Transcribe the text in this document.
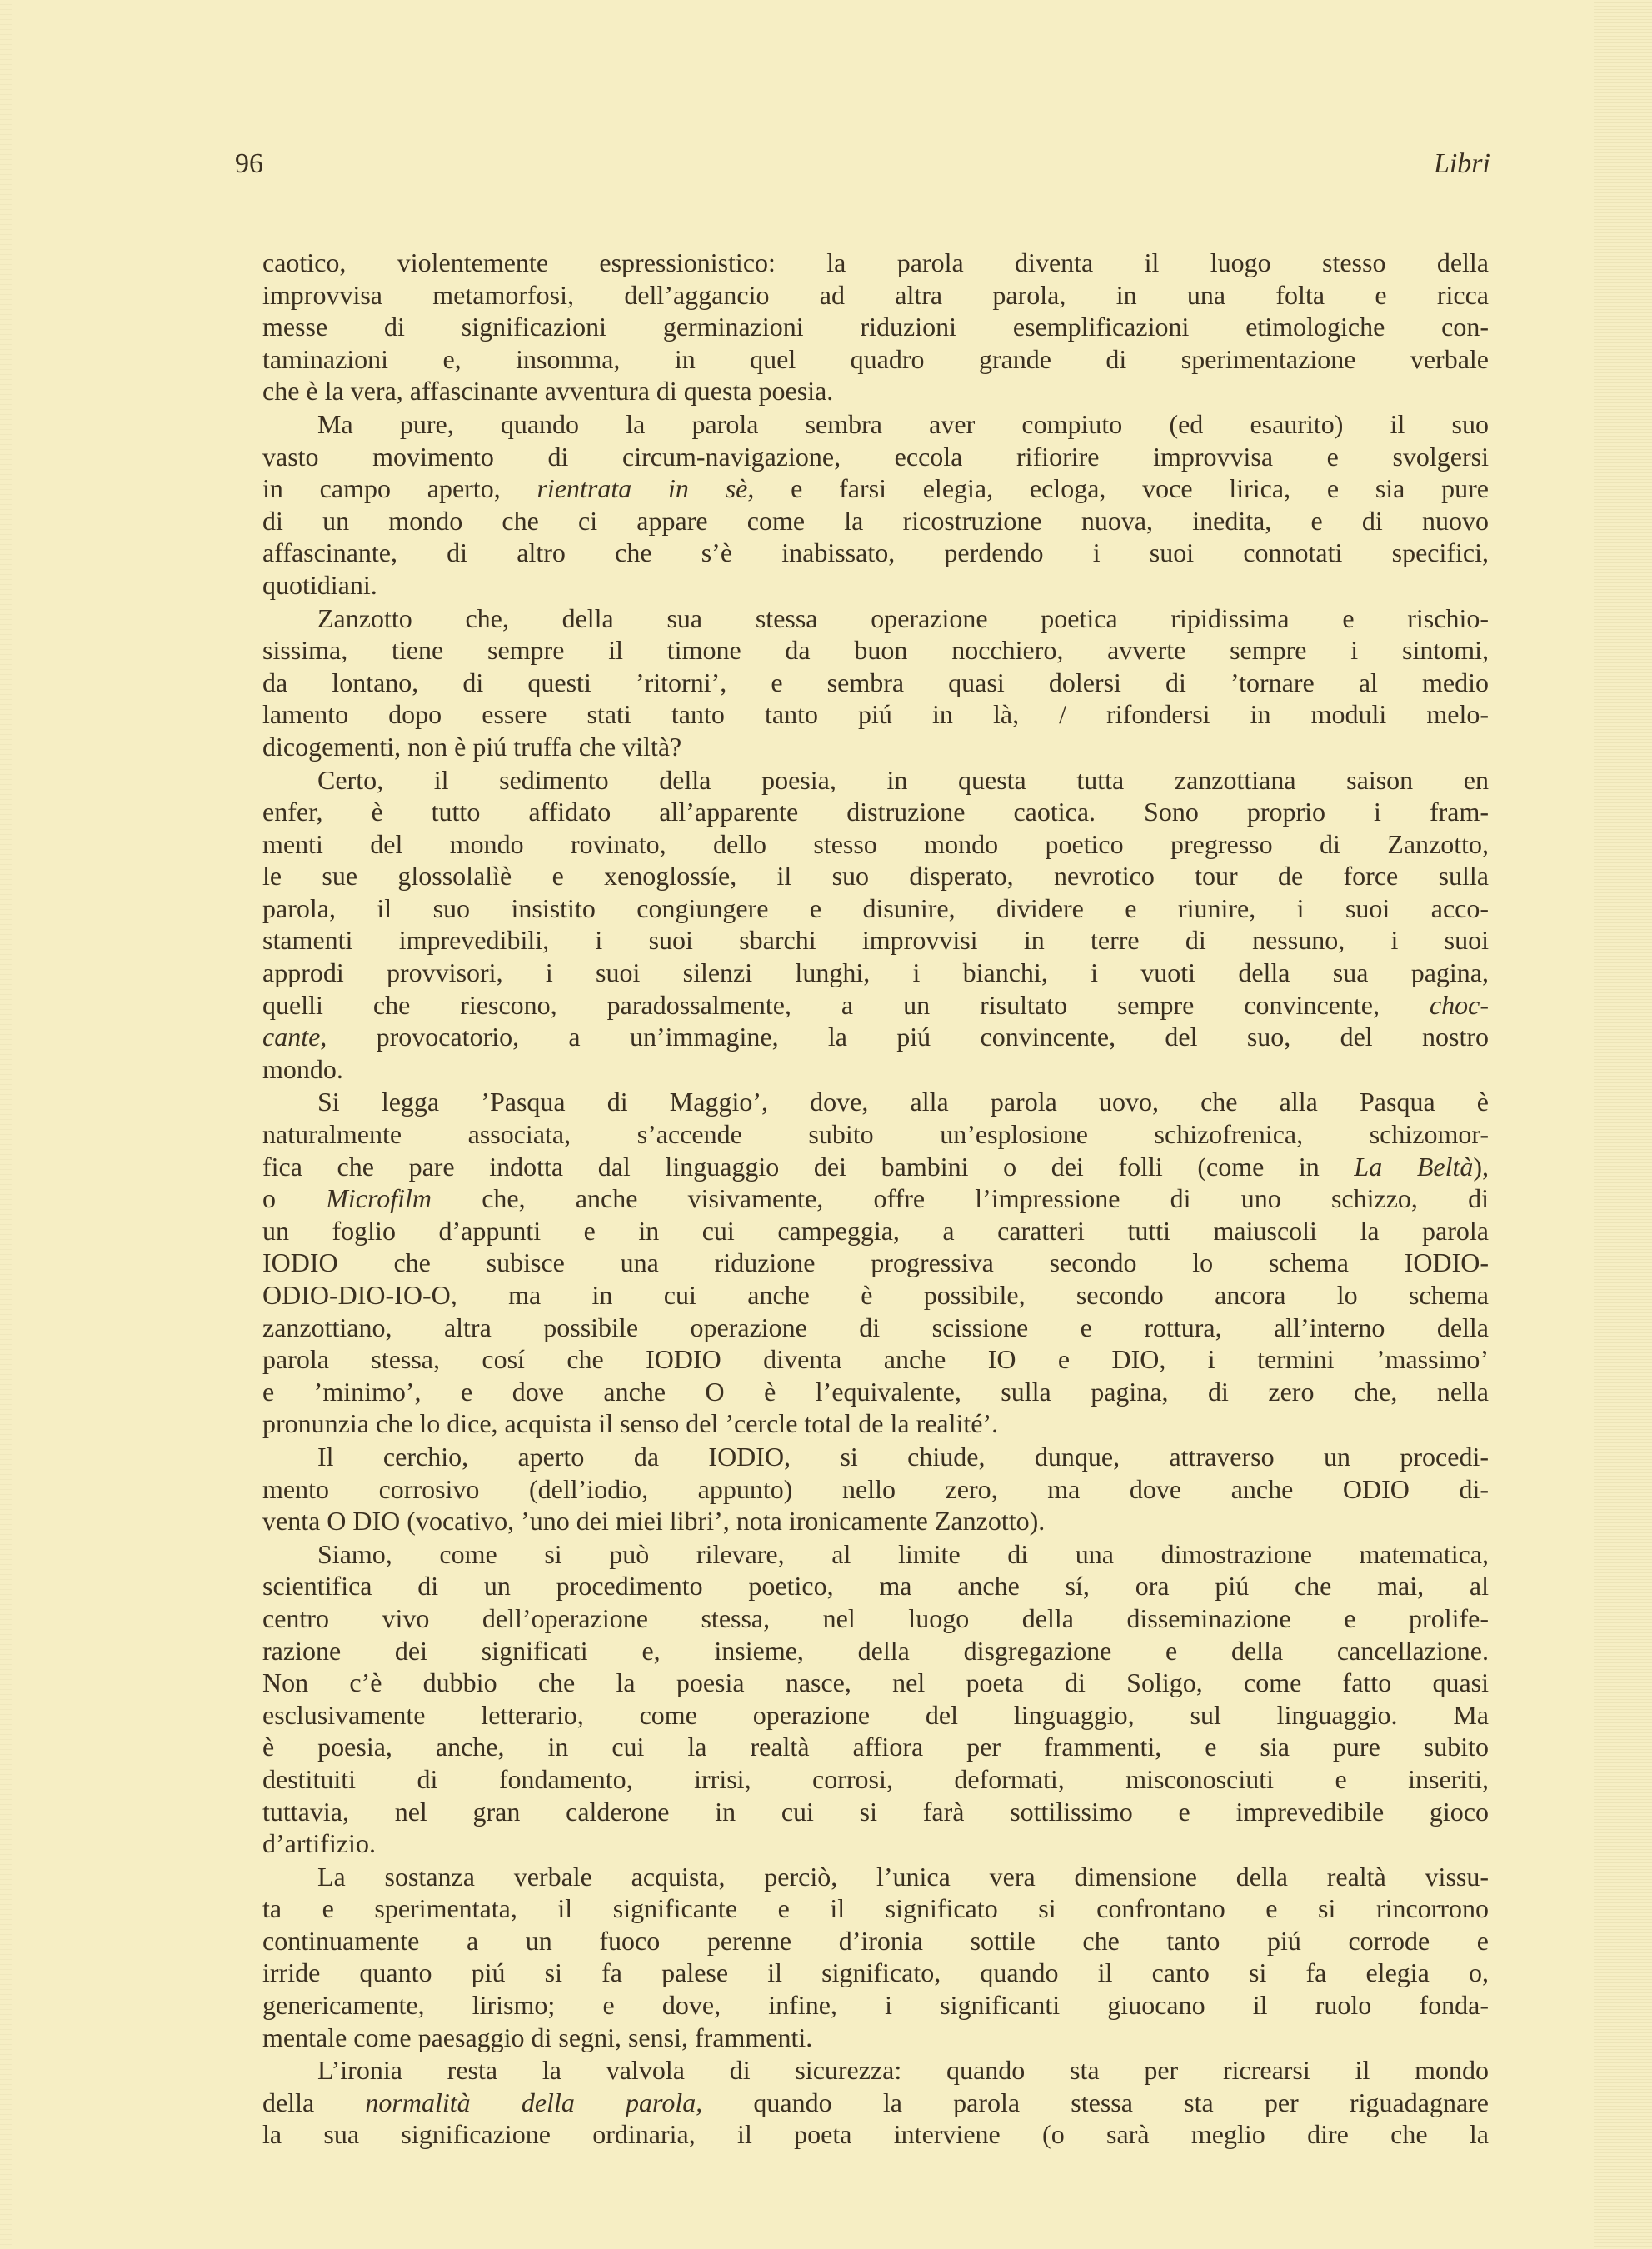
96	Libri
caotico, violentemente espressionistico: la parola diventa il luogo stesso della
improvvisa metamorfosi, dell’aggancio ad altra parola, in una folta e ricca
messe di significazioni germinazioni riduzioni esemplificazioni etimologiche con-
taminazioni e, insomma, in quel quadro grande di sperimentazione verbale
che è la vera, affascinante avventura di questa poesia.
Ma pure, quando la parola sembra aver compiuto (ed esaurito) il suo
vasto movimento di circum-navigazione, eccola rifiorire improvvisa e svolgersi
in campo aperto, rientrata in sè, e farsi elegia, ecloga, voce lirica, e sia pure
di un mondo che ci appare come la ricostruzione nuova, inedita, e di nuovo
affascinante, di altro che s’è inabissato, perdendo i suoi connotati specifici,
quotidiani.
Zanzotto che, della sua stessa operazione poetica ripidissima e rischio-
sissima, tiene sempre il timone da buon nocchiero, avverte sempre i sintomi,
da lontano, di questi ’ritorni’, e sembra quasi dolersi di ’tornare al medio
lamento dopo essere stati tanto tanto piú in là, / rifondersi in moduli melo-
dicogementi, non è piú truffa che viltà?
Certo, il sedimento della poesia, in questa tutta zanzottiana saison en
enfer, è tutto affidato all’apparente distruzione caotica. Sono proprio i fram-
menti del mondo rovinato, dello stesso mondo poetico pregresso di Zanzotto,
le sue glossolalìè e xenoglossíe, il suo disperato, nevrotico tour de force sulla
parola, il suo insistito congiungere e disunire, dividere e riunire, i suoi acco-
stamenti imprevedibili, i suoi sbarchi improvvisi in terre di nessuno, i suoi
approdi provvisori, i suoi silenzi lunghi, i bianchi, i vuoti della sua pagina,
quelli che riescono, paradossalmente, a un risultato sempre convincente, choc-
cante, provocatorio, a un’immagine, la piú convincente, del suo, del nostro
mondo.
Si legga ’Pasqua di Maggio’, dove, alla parola uovo, che alla Pasqua è
naturalmente associata, s’accende subito un’esplosione schizofrenica, schizomor-
fica che pare indotta dal linguaggio dei bambini o dei folli (come in La Beltà),
o Microfilm che, anche visivamente, offre l’impressione di uno schizzo, di
un foglio d’appunti e in cui campeggia, a caratteri tutti maiuscoli la parola
IODIO che subisce una riduzione progressiva secondo lo schema IODIO-
ODIO-DIO-IO-O, ma in cui anche è possibile, secondo ancora lo schema
zanzottiano, altra possibile operazione di scissione e rottura, all’interno della
parola stessa, cosí che IODIO diventa anche IO e DIO, i termini ’massimo’
e ’minimo’, e dove anche O è l’equivalente, sulla pagina, di zero che, nella
pronunzia che lo dice, acquista il senso del ’cercle total de la realité’.
Il cerchio, aperto da IODIO, si chiude, dunque, attraverso un procedi-
mento corrosivo (dell’iodio, appunto) nello zero, ma dove anche ODIO di-
venta O DIO (vocativo, ’uno dei miei libri’, nota ironicamente Zanzotto).
Siamo, come si può rilevare, al limite di una dimostrazione matematica,
scientifica di un procedimento poetico, ma anche sí, ora piú che mai, al
centro vivo dell’operazione stessa, nel luogo della disseminazione e prolife-
razione dei significati e, insieme, della disgregazione e della cancellazione.
Non c’è dubbio che la poesia nasce, nel poeta di Soligo, come fatto quasi
esclusivamente letterario, come operazione del linguaggio, sul linguaggio. Ma
è poesia, anche, in cui la realtà affiora per frammenti, e sia pure subito
destituiti di fondamento, irrisi, corrosi, deformati, misconosciuti e inseriti,
tuttavia, nel gran calderone in cui si farà sottilissimo e imprevedibile gioco
d’artifizio.
La sostanza verbale acquista, perciò, l’unica vera dimensione della realtà vissu-
ta e sperimentata, il significante e il significato si confrontano e si rincorrono
continuamente a un fuoco perenne d’ironia sottile che tanto piú corrode e
irride quanto piú si fa palese il significato, quando il canto si fa elegia o,
genericamente, lirismo; e dove, infine, i significanti giuocano il ruolo fonda-
mentale come paesaggio di segni, sensi, frammenti.
L’ironia resta la valvola di sicurezza: quando sta per ricrearsi il mondo
della normalità della parola, quando la parola stessa sta per riguadagnare
la sua significazione ordinaria, il poeta interviene (o sarà meglio dire che la
